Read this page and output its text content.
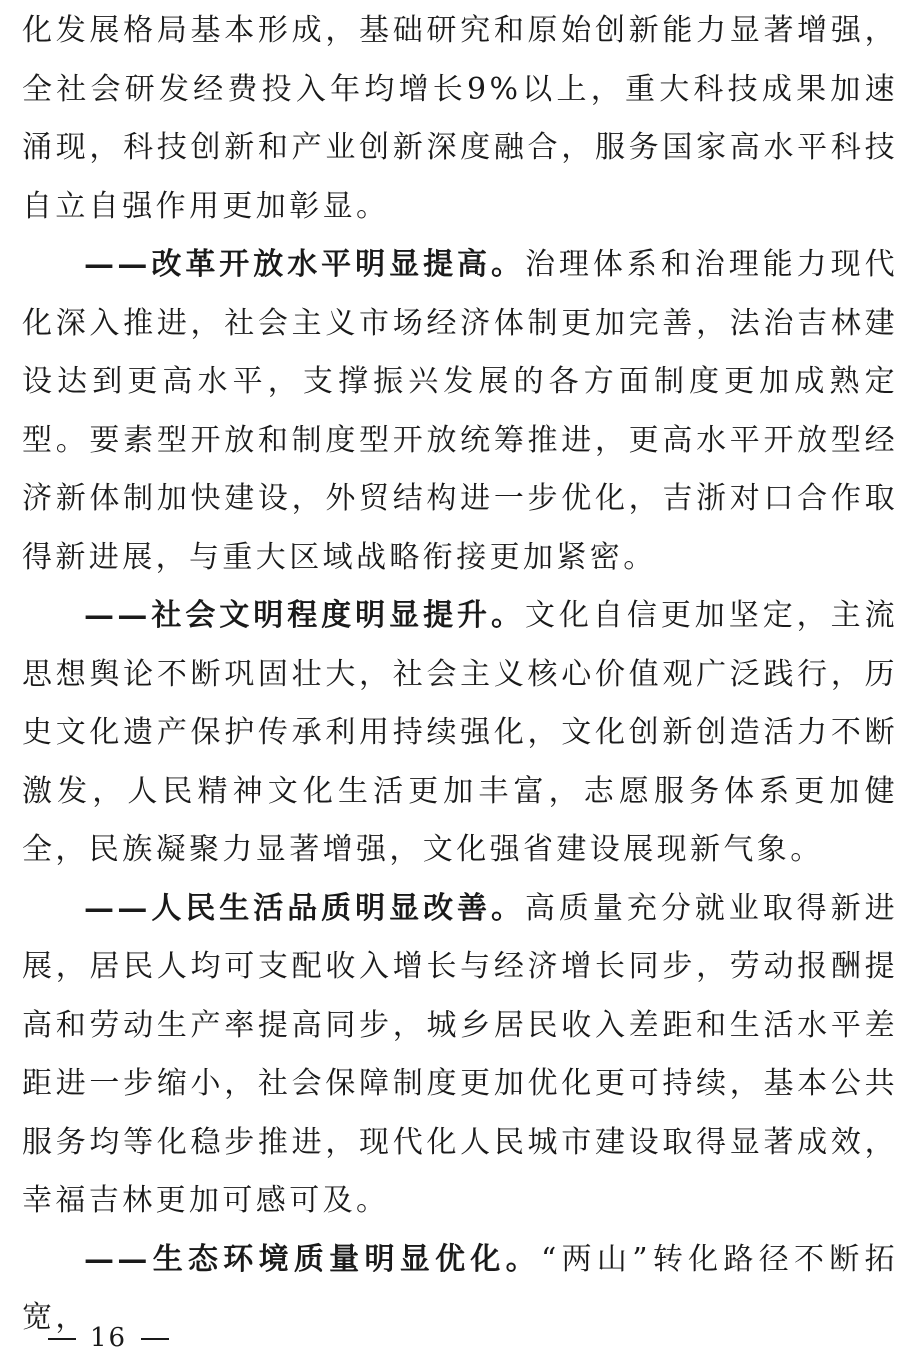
化发展格局基本形成，基础研究和原始创新能力显著增强，全社会研发经费投入年均增长9%以上，重大科技成果加速涌现，科技创新和产业创新深度融合，服务国家高水平科技自立自强作用更加彰显。

——改革开放水平明显提高。治理体系和治理能力现代化深入推进，社会主义市场经济体制更加完善，法治吉林建设达到更高水平，支撑振兴发展的各方面制度更加成熟定型。要素型开放和制度型开放统筹推进，更高水平开放型经济新体制加快建设，外贸结构进一步优化，吉浙对口合作取得新进展，与重大区域战略衔接更加紧密。

——社会文明程度明显提升。文化自信更加坚定，主流思想舆论不断巩固壮大，社会主义核心价值观广泛践行，历史文化遗产保护传承利用持续强化，文化创新创造活力不断激发，人民精神文化生活更加丰富，志愿服务体系更加健全，民族凝聚力显著增强，文化强省建设展现新气象。

——人民生活品质明显改善。高质量充分就业取得新进展，居民人均可支配收入增长与经济增长同步，劳动报酬提高和劳动生产率提高同步，城乡居民收入差距和生活水平差距进一步缩小，社会保障制度更加优化更可持续，基本公共服务均等化稳步推进，现代化人民城市建设取得显著成效，幸福吉林更加可感可及。

——生态环境质量明显优化。“两山”转化路径不断拓宽，

16
